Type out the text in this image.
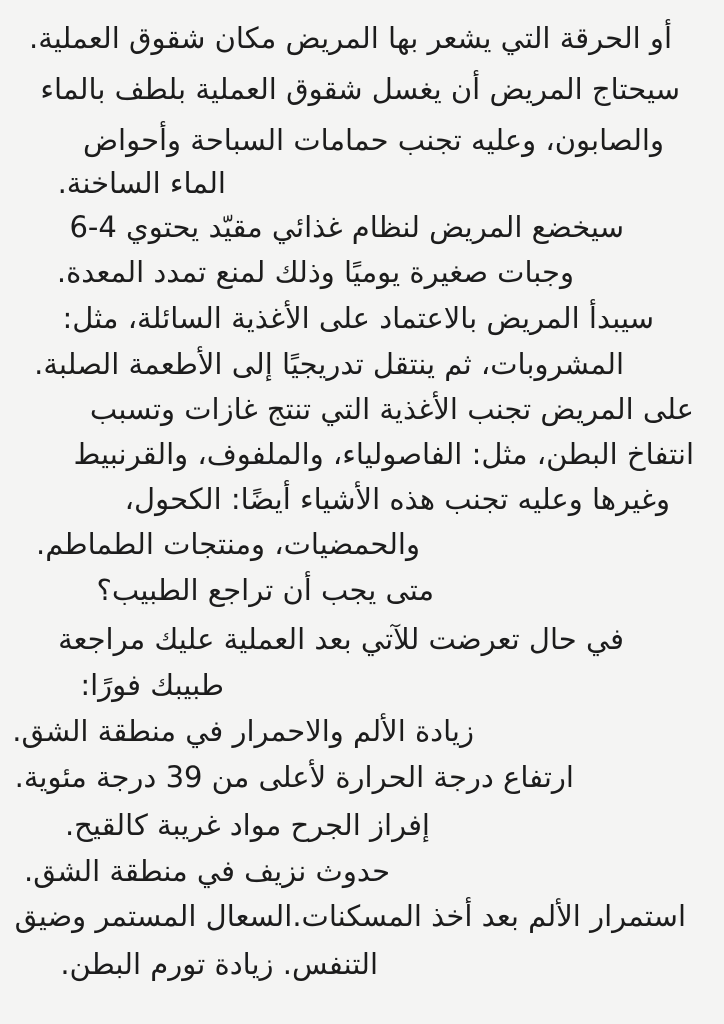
أو الحرقة التي يشعر بها المريض مكان شقوق العملية.
سيحتاج المريض أن يغسل شقوق العملية بلطف بالماء
والصابون، وعليه تجنب حمامات السباحة وأحواض
الماء الساخنة.
سيخضع المريض لنظام غذائي مقيّد يحتوي 4-6
وجبات صغيرة يوميًا وذلك لمنع تمدد المعدة.
سيبدأ المريض بالاعتماد على الأغذية السائلة، مثل:
المشروبات، ثم ينتقل تدريجيًا إلى الأطعمة الصلبة.
على المريض تجنب الأغذية التي تنتج غازات وتسبب
انتفاخ البطن، مثل: الفاصولياء، والملفوف، والقرنبيط
وغيرها وعليه تجنب هذه الأشياء أيضًا: الكحول،
والحمضيات، ومنتجات الطماطم.
متى يجب أن تراجع الطبيب؟
في حال تعرضت للآتي بعد العملية عليك مراجعة
طبيبك فورًا:
زيادة الألم والاحمرار في منطقة الشق.
ارتفاع درجة الحرارة لأعلى من 39 درجة مئوية.
إفراز الجرح مواد غريبة كالقيح.
حدوث نزيف في منطقة الشق.
استمرار الألم بعد أخذ المسكنات.السعال المستمر وضيق
التنفس. زيادة تورم البطن.
